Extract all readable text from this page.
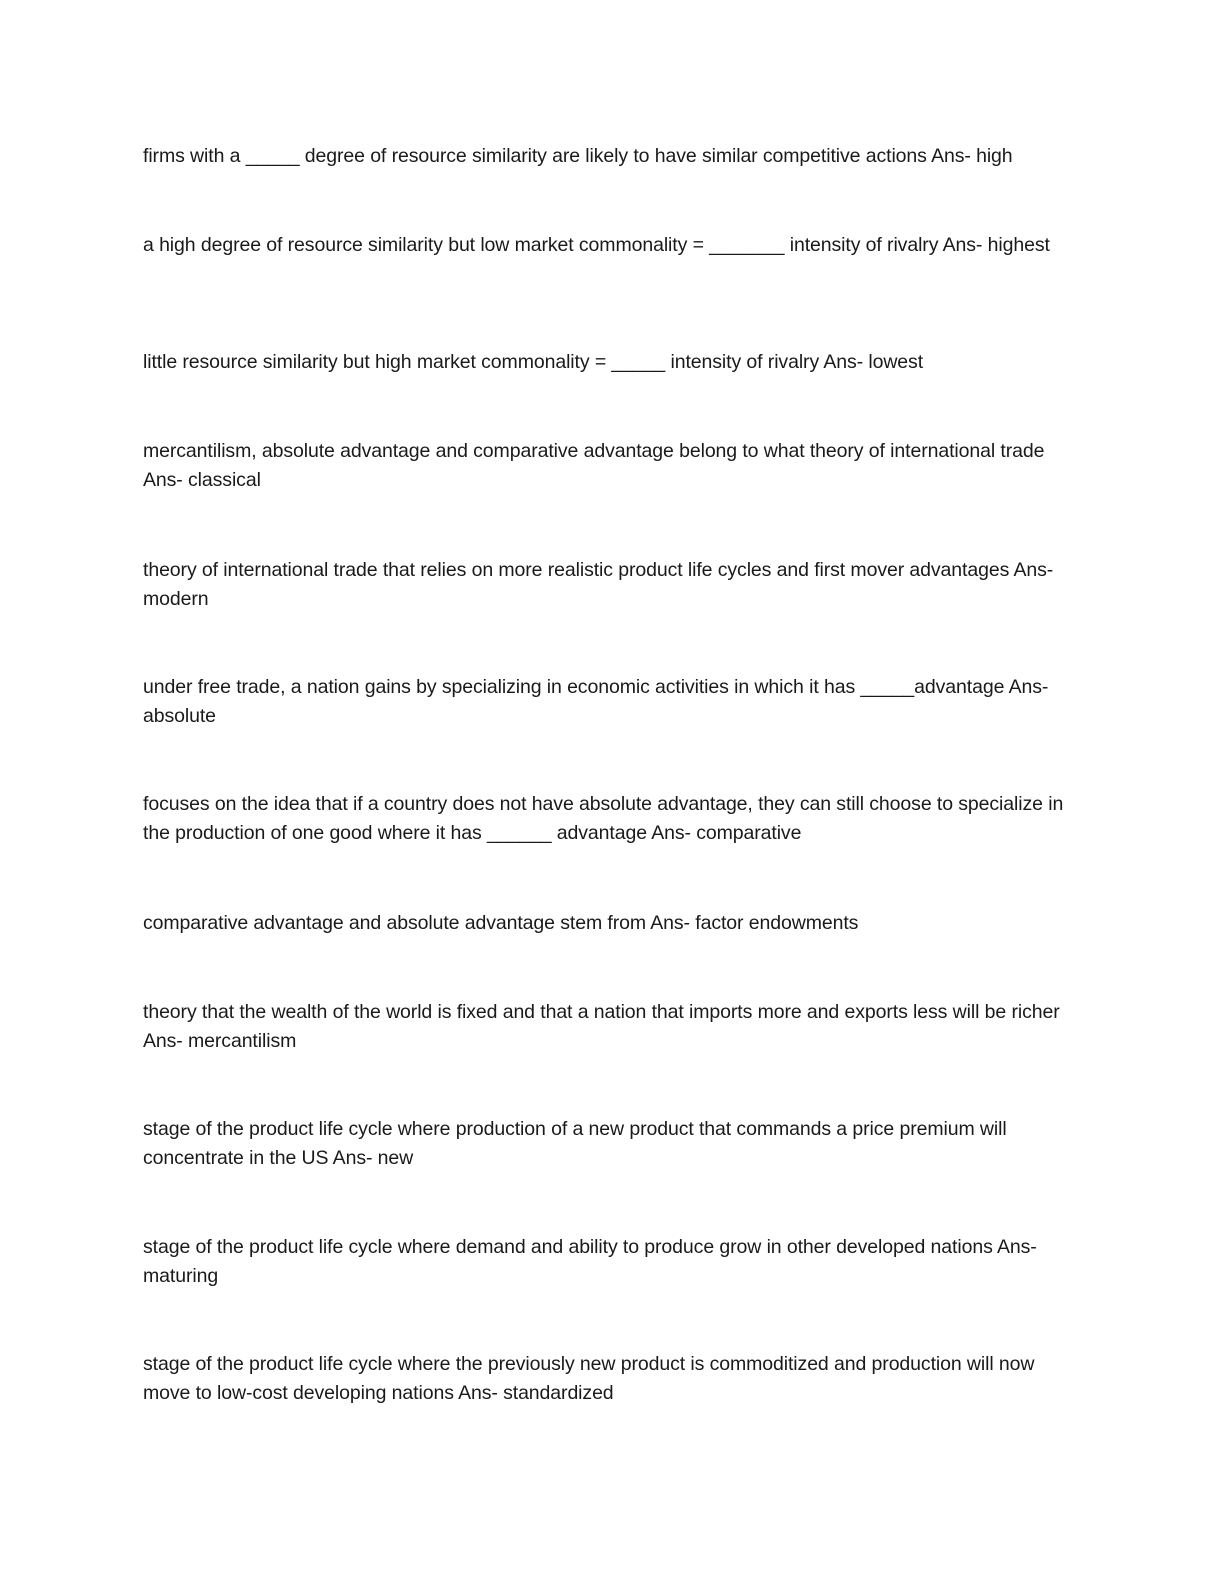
firms with a _____ degree of resource similarity are likely to have similar competitive actions Ans- high

a high degree of resource similarity but low market commonality = _______ intensity of rivalry Ans- highest

little resource similarity but high market commonality = _____ intensity of rivalry Ans- lowest

mercantilism, absolute advantage and comparative advantage belong to what theory of international trade Ans- classical

theory of international trade that relies on more realistic product life cycles and first mover advantages Ans- modern

under free trade, a nation gains by specializing in economic activities in which it has _____advantage Ans- absolute

focuses on the idea that if a country does not have absolute advantage, they can still choose to specialize in the production of one good where it has ______ advantage Ans- comparative

comparative advantage and absolute advantage stem from Ans- factor endowments

theory that the wealth of the world is fixed and that a nation that imports more and exports less will be richer Ans- mercantilism

stage of the product life cycle where production of a new product that commands a price premium will concentrate in the US Ans- new

stage of the product life cycle where demand and ability to produce grow in other developed nations Ans- maturing

stage of the product life cycle where the previously new product is commoditized and production will now move to low-cost developing nations Ans- standardized
